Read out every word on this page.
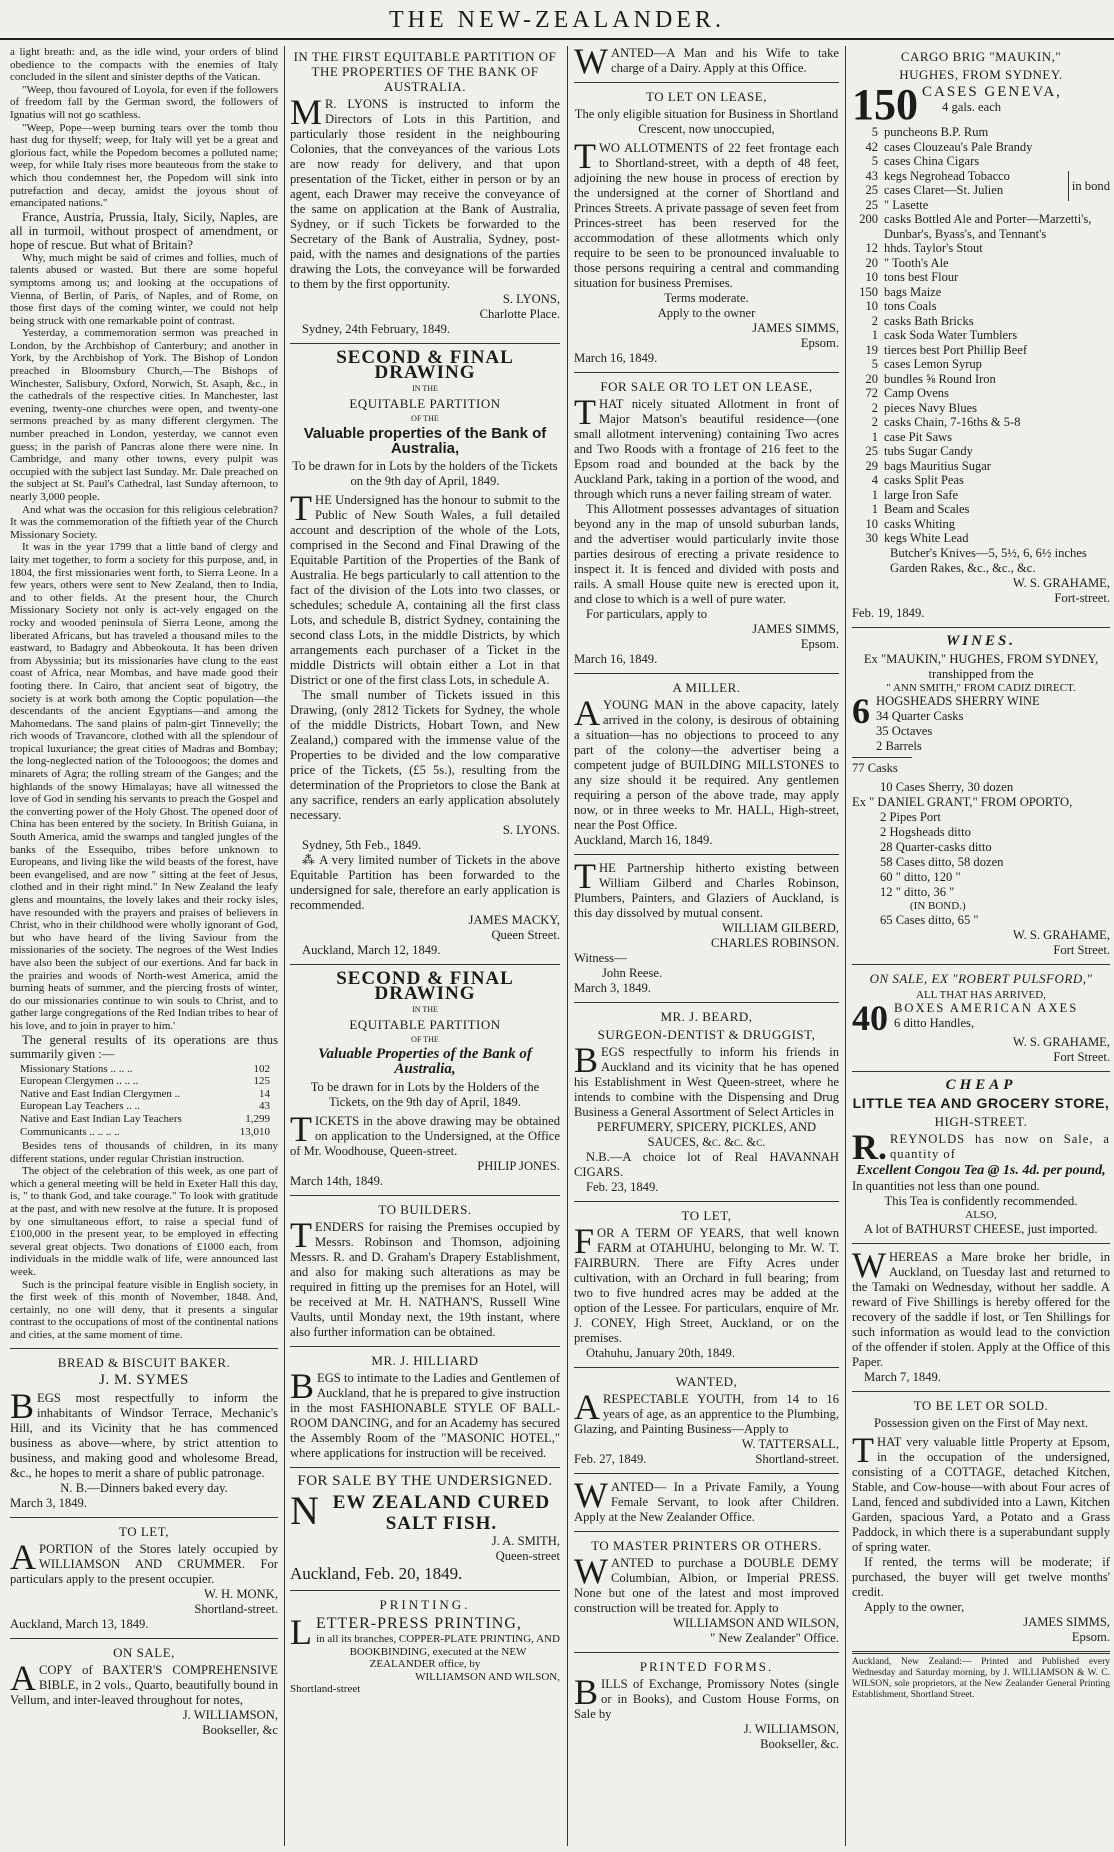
THE NEW-ZEALANDER.

a light breath: and, as the idle wind, your orders of blind obedience to the compacts with the enemies of Italy concluded in the silent and sinister depths of the Vatican.

"Weep, thou favoured of Loyola, for even if the followers of freedom fall by the German sword, the followers of Ignatius will not go scathless.

"Weep, Pope—weep burning tears over the tomb thou hast dug for thyself; weep, for Italy will yet be a great and glorious fact, while the Popedom becomes a polluted name; weep, for while Italy rises more beauteous from the stake to which thou condemnest her, the Popedom will sink into putrefaction and decay, amidst the joyous shout of emancipated nations."

France, Austria, Prussia, Italy, Sicily, Naples, are all in turmoil, without prospect of amendment, or hope of rescue. But what of Britain?

Why, much might be said of crimes and follies, much of talents abused or wasted. But there are some hopeful symptoms among us; and looking at the occupations of Vienna, of Berlin, of Paris, of Naples, and of Rome, on those first days of the coming winter, we could not help being struck with one remarkable point of contrast.

Yesterday, a commemoration sermon was preached in London, by the Archbishop of Canterbury; and another in York, by the Archbishop of York. The Bishop of London preached in Bloomsbury Church,—The Bishops of Winchester, Salisbury, Oxford, Norwich, St. Asaph, &c., in the cathedrals of the respective cities. In Manchester, last evening, twenty-one churches were open, and twenty-one sermons preached by as many different clergymen. The number preached in London, yesterday, we cannot even guess; in the parish of Pancras alone there were nine. In Cambridge, and many other towns, every pulpit was occupied with the subject last Sunday. Mr. Dale preached on the subject at St. Paul's Cathedral, last Sunday afternoon, to nearly 3,000 people.

And what was the occasion for this religious celebration? It was the commemoration of the fiftieth year of the Church Missionary Society.

It was in the year 1799 that a little band of clergy and laity met together, to form a society for this purpose, and, in 1804, the first missionaries went forth, to Sierra Leone. In a few years, others were sent to New Zealand, then to India, and to other fields. At the present hour, the Church Missionary Society not only is act-vely engaged on the rocky and wooded peninsula of Sierra Leone, among the liberated Africans, but has traveled a thousand miles to the eastward, to Badagry and Abbeokouta. It has been driven from Abyssinia; but its missionaries have clung to the east coast of Africa, near Mombas, and have made good their footing there. In Cairo, that ancient seat of bigotry, the society is at work both among the Coptic population—the descendants of the ancient Egyptians—and among the Mahomedans. The sand plains of palm-girt Tinnevelly; the rich woods of Travancore, clothed with all the splendour of tropical luxuriance; the great cities of Madras and Bombay; the long-neglected nation of the Tolooogoos; the domes and minarets of Agra; the rolling stream of the Ganges; and the highlands of the snowy Himalayas; have all witnessed the love of God in sending his servants to preach the Gospel and the converting power of the Holy Ghost. The opened door of China has been entered by the society. In British Guiana, in South America, amid the swamps and tangled jungles of the banks of the Essequibo, tribes before unknown to Europeans, and living like the wild beasts of the forest, have been evangelised, and are now " sitting at the feet of Jesus, clothed and in their right mind." In New Zealand the leafy glens and mountains, the lovely lakes and their rocky isles, have resounded with the prayers and praises of believers in Christ, who in their childhood were wholly ignorant of God, but who have heard of the living Saviour from the missionaries of the society. The negroes of the West Indies have also been the subject of our exertions. And far back in the prairies and woods of North-west America, amid the burning heats of summer, and the piercing frosts of winter, do our missionaries continue to win souls to Christ, and to gather large congregations of the Red Indian tribes to hear of his love, and to join in prayer to him.'

The general results of its operations are thus summarily given :—

Missionary Stations .. .. ..	102
European Clergymen .. .. ..	125
Native and East Indian Clergymen ..	14
European Lay Teachers .. ..	43
Native and East Indian Lay Teachers	1,299
Communicants .. .. .. ..	13,010

Besides tens of thousands of children, in its many different stations, under regular Christian instruction.

The object of the celebration of this week, as one part of which a general meeting will be held in Exeter Hall this day, is, " to thank God, and take courage." To look with gratitude at the past, and with new resolve at the future. It is proposed by one simultaneous effort, to raise a special fund of £100,000 in the present year, to be employed in effecting several great objects. Two donations of £1000 each, from individuals in the middle walk of life, were announced last week.

Such is the principal feature visible in English society, in the first week of this month of November, 1848. And, certainly, no one will deny, that it presents a singular contrast to the occupations of most of the continental nations and cities, at the same moment of time.

BREAD & BISCUIT BAKER.
J. M. SYMES

BEGS most respectfully to inform the inhabitants of Windsor Terrace, Mechanic's Hill, and its Vicinity that he has commenced business as above—where, by strict attention to business, and making good and wholesome Bread, &c., he hopes to merit a share of public patronage.

N. B.—Dinners baked every day.

March 3, 1849.

TO LET,

APORTION of the Stores lately occupied by WILLIAMSON AND CRUMMER. For particulars apply to the present occupier.

W. H. MONK,

Shortland-street.

Auckland, March 13, 1849.

ON SALE,

ACOPY of BAXTER'S COMPREHENSIVE BIBLE, in 2 vols., Quarto, beautifully bound in Vellum, and inter-leaved throughout for notes,

J. WILLIAMSON,

Bookseller, &c

IN THE FIRST EQUITABLE PARTITION OF THE PROPERTIES OF THE BANK OF AUSTRALIA.

M R. LYONS is instructed to inform the Directors of Lots in this Partition, and particularly those resident in the neighbouring Colonies, that the conveyances of the various Lots are now ready for delivery, and that upon presentation of the Ticket, either in person or by an agent, each Drawer may receive the conveyance of the same on application at the Bank of Australia, Sydney, or if such Tickets be forwarded to the Secretary of the Bank of Australia, Sydney, post-paid, with the names and designations of the parties drawing the Lots, the conveyance will be forwarded to them by the first opportunity.

S. LYONS,

Charlotte Place.

Sydney, 24th February, 1849.

SECOND & FINAL DRAWING
IN THE
EQUITABLE PARTITION
OF THE
Valuable properties of the Bank of Australia,

To be drawn for in Lots by the holders of the Tickets on the 9th day of April, 1849.

THE Undersigned has the honour to submit to the Public of New South Wales, a full detailed account and description of the whole of the Lots, comprised in the Second and Final Drawing of the Equitable Partition of the Properties of the Bank of Australia. He begs particularly to call attention to the fact of the division of the Lots into two classes, or schedules; schedule A, containing all the first class Lots, and schedule B, district Sydney, containing the second class Lots, in the middle Districts, by which arrangements each purchaser of a Ticket in the middle Districts will obtain either a Lot in that District or one of the first class Lots, in schedule A.

The small number of Tickets issued in this Drawing, (only 2812 Tickets for Sydney, the whole of the middle Districts, Hobart Town, and New Zealand,) compared with the immense value of the Properties to be divided and the low comparative price of the Tickets, (£5 5s.), resulting from the determination of the Proprietors to close the Bank at any sacrifice, renders an early application absolutely necessary.

S. LYONS.

Sydney, 5th Feb., 1849.

⁂ A very limited number of Tickets in the above Equitable Partition has been forwarded to the undersigned for sale, therefore an early application is recommended.

JAMES MACKY,

Queen Street.

Auckland, March 12, 1849.

SECOND & FINAL DRAWING
IN THE
EQUITABLE PARTITION
OF THE
Valuable Properties of the Bank of Australia,

To be drawn for in Lots by the Holders of the Tickets, on the 9th day of April, 1849.

TICKETS in the above drawing may be obtained on application to the Undersigned, at the Office of Mr. Woodhouse, Queen-street.

PHILIP JONES.

March 14th, 1849.

TO BUILDERS.

TENDERS for raising the Premises occupied by Messrs. Robinson and Thomson, adjoining Messrs. R. and D. Graham's Drapery Establishment, and also for making such alterations as may be required in fitting up the premises for an Hotel, will be received at Mr. H. NATHAN'S, Russell Wine Vaults, until Monday next, the 19th instant, where also further information can be obtained.

MR. J. HILLIARD

BEGS to intimate to the Ladies and Gentlemen of Auckland, that he is prepared to give instruction in the most FASHIONABLE STYLE OF BALL-ROOM DANCING, and for an Academy has secured the Assembly Room of the "MASONIC HOTEL," where applications for instruction will be received.

FOR SALE BY THE UNDERSIGNED.

NEW ZEALAND CURED SALT FISH.

J. A. SMITH,

Queen-street

Auckland, Feb. 20, 1849.

PRINTING.

LETTER-PRESS PRINTING,

in all its branches, COPPER-PLATE PRINTING, AND BOOKBINDING, executed at the NEW ZEALANDER office, by

WILLIAMSON AND WILSON,

Shortland-street

WANTED—A Man and his Wife to take charge of a Dairy. Apply at this Office.

TO LET ON LEASE,

The only eligible situation for Business in Shortland Crescent, now unoccupied,

TWO ALLOTMENTS of 22 feet frontage each to Shortland-street, with a depth of 48 feet, adjoining the new house in process of erection by the undersigned at the corner of Shortland and Princes Streets. A private passage of seven feet from Princes-street has been reserved for the accommodation of these allotments which only require to be seen to be pronounced invaluable to those persons requiring a central and commanding situation for business Premises.

Terms moderate.

Apply to the owner

JAMES SIMMS,

Epsom.

March 16, 1849.

FOR SALE OR TO LET ON LEASE,

THAT nicely situated Allotment in front of Major Matson's beautiful residence—(one small allotment intervening) containing Two acres and Two Roods with a frontage of 216 feet to the Epsom road and bounded at the back by the Auckland Park, taking in a portion of the wood, and through which runs a never failing stream of water.

This Allotment possesses advantages of situation beyond any in the map of unsold suburban lands, and the advertiser would particularly invite those parties desirous of erecting a private residence to inspect it. It is fenced and divided with posts and rails. A small House quite new is erected upon it, and close to which is a well of pure water.

For particulars, apply to

JAMES SIMMS,

Epsom.

March 16, 1849.

A MILLER.

AYOUNG MAN in the above capacity, lately arrived in the colony, is desirous of obtaining a situation—has no objections to proceed to any part of the colony—the advertiser being a competent judge of BUILDING MILLSTONES to any size should it be required. Any gentlemen requiring a person of the above trade, may apply now, or in three weeks to Mr. HALL, High-street, near the Post Office.

Auckland, March 16, 1849.

THE Partnership hitherto existing between William Gilberd and Charles Robinson, Plumbers, Painters, and Glaziers of Auckland, is this day dissolved by mutual consent.

WILLIAM GILBERD,

CHARLES ROBINSON.

Witness—

John Reese.

March 3, 1849.

MR. J. BEARD,
SURGEON-DENTIST & DRUGGIST,

BEGS respectfully to inform his friends in Auckland and its vicinity that he has opened his Establishment in West Queen-street, where he intends to combine with the Dispensing and Drug Business a General Assortment of Select Articles in

PERFUMERY, SPICERY, PICKLES, AND SAUCES, &c. &c. &c.

N.B.—A choice lot of Real HAVANNAH CIGARS.

Feb. 23, 1849.

TO LET,

FOR A TERM OF YEARS, that well known FARM at OTAHUHU, belonging to Mr. W. T. FAIRBURN. There are Fifty Acres under cultivation, with an Orchard in full bearing; from two to five hundred acres may be added at the option of the Lessee. For particulars, enquire of Mr. J. CONEY, High Street, Auckland, or on the premises.

Otahuhu, January 20th, 1849.

WANTED,

ARESPECTABLE YOUTH, from 14 to 16 years of age, as an apprentice to the Plumbing, Glazing, and Painting Business—Apply to

W. TATTERSALL,

Feb. 27, 1849.	Shortland-street.

WANTED— In a Private Family, a Young Female Servant, to look after Children. Apply at the New Zealander Office.

TO MASTER PRINTERS OR OTHERS.

WANTED to purchase a DOUBLE DEMY Columbian, Albion, or Imperial PRESS. None but one of the latest and most improved construction will be treated for. Apply to

WILLIAMSON AND WILSON,

" New Zealander" Office.

PRINTED FORMS.

BILLS of Exchange, Promissory Notes (single or in Books), and Custom House Forms, on Sale by

J. WILLIAMSON,

Bookseller, &c.

CARGO BRIG "MAUKIN,"
HUGHES, FROM SYDNEY.
150 CASES GENEVA,
4 gals. each
in bond
5	puncheons B.P. Rum
42	cases Clouzeau's Pale Brandy
5	cases China Cigars
43	kegs Negrohead Tobacco
25	cases Claret—St. Julien
25	" Lasette
200	casks Bottled Ale and Porter—Marzetti's, Dunbar's, Byass's, and Tennant's
12	hhds. Taylor's Stout
20	" Tooth's Ale
10	tons best Flour
150	bags Maize
10	tons Coals
2	casks Bath Bricks
1	cask Soda Water Tumblers
19	tierces best Port Phillip Beef
5	cases Lemon Syrup
20	bundles ⅝ Round Iron
72	Camp Ovens
2	pieces Navy Blues
2	casks Chain, 7-16ths & 5-8
1	case Pit Saws
25	tubs Sugar Candy
29	bags Mauritius Sugar
4	casks Split Peas
1	large Iron Safe
1	Beam and Scales
10	casks Whiting
30	kegs White Lead

Butcher's Knives—5, 5½, 6, 6½ inches

Garden Rakes, &c., &c., &c.

W. S. GRAHAME,

Fort-street.

Feb. 19, 1849.

WINES.

Ex "MAUKIN," HUGHES, FROM SYDNEY,

transhipped from the

" ANN SMITH," FROM CADIZ DIRECT.

6 HOGSHEADS SHERRY WINE
34 Quarter Casks
35 Octaves
2 Barrels

77 Casks

10 Cases Sherry, 30 dozen

Ex " DANIEL GRANT," FROM OPORTO,

2 Pipes Port
2 Hogsheads ditto
28 Quarter-casks ditto
58 Cases ditto, 58 dozen
60 " ditto, 120 "
12 " ditto, 36 "
(IN BOND.)
65 Cases ditto, 65 "

W. S. GRAHAME,

Fort Street.

ON SALE, EX "ROBERT PULSFORD,"
ALL THAT HAS ARRIVED,
40 BOXES AMERICAN AXES
6 ditto Handles,

W. S. GRAHAME,

Fort Street.

CHEAP
LITTLE TEA AND GROCERY STORE,
HIGH-STREET.

R. REYNOLDS has now on Sale, a quantity of

Excellent Congou Tea @ 1s. 4d. per pound,

In quantities not less than one pound.

This Tea is confidently recommended.

ALSO,

A lot of BATHURST CHEESE, just imported.

WHEREAS a Mare broke her bridle, in Auckland, on Tuesday last and returned to the Tamaki on Wednesday, without her saddle. A reward of Five Shillings is hereby offered for the recovery of the saddle if lost, or Ten Shillings for such information as would lead to the conviction of the offender if stolen. Apply at the Office of this Paper.

March 7, 1849.

TO BE LET OR SOLD.

Possession given on the First of May next.

THAT very valuable little Property at Epsom, in the occupation of the undersigned, consisting of a COTTAGE, detached Kitchen, Stable, and Cow-house—with about Four acres of Land, fenced and subdivided into a Lawn, Kitchen Garden, spacious Yard, a Potato and a Grass Paddock, in which there is a superabundant supply of spring water.

If rented, the terms will be moderate; if purchased, the buyer will get twelve months' credit.

Apply to the owner,

JAMES SIMMS,

Epsom.

Auckland, New Zealand:— Printed and Published every Wednesday and Saturday morning, by J. WILLIAMSON & W. C. WILSON, sole proprietors, at the New Zealander General Printing Establishment, Shortland Street.
